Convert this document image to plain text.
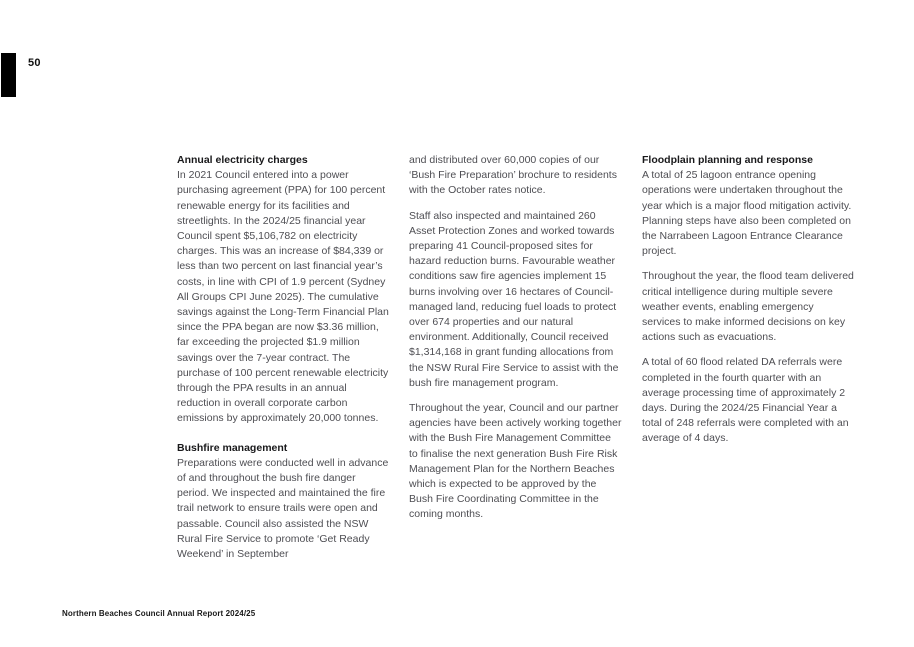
50
Annual electricity charges

In 2021 Council entered into a power purchasing agreement (PPA) for 100 percent renewable energy for its facilities and streetlights. In the 2024/25 financial year Council spent $5,106,782 on electricity charges. This was an increase of $84,339 or less than two percent on last financial year’s costs, in line with CPI of 1.9 percent (Sydney All Groups CPI June 2025). The cumulative savings against the Long-Term Financial Plan since the PPA began are now $3.36 million, far exceeding the projected $1.9 million savings over the 7-year contract. The purchase of 100 percent renewable electricity through the PPA results in an annual reduction in overall corporate carbon emissions by approximately 20,000 tonnes.

Bushfire management

Preparations were conducted well in advance of and throughout the bush fire danger period. We inspected and maintained the fire trail network to ensure trails were open and passable. Council also assisted the NSW Rural Fire Service to promote ‘Get Ready Weekend’ in September

and distributed over 60,000 copies of our ‘Bush Fire Preparation’ brochure to residents with the October rates notice.

Staff also inspected and maintained 260 Asset Protection Zones and worked towards preparing 41 Council-proposed sites for hazard reduction burns. Favourable weather conditions saw fire agencies implement 15 burns involving over 16 hectares of Council-managed land, reducing fuel loads to protect over 674 properties and our natural environment. Additionally, Council received $1,314,168 in grant funding allocations from the NSW Rural Fire Service to assist with the bush fire management program.

Throughout the year, Council and our partner agencies have been actively working together with the Bush Fire Management Committee to finalise the next generation Bush Fire Risk Management Plan for the Northern Beaches which is expected to be approved by the Bush Fire Coordinating Committee in the coming months.

Floodplain planning and response

A total of 25 lagoon entrance opening operations were undertaken throughout the year which is a major flood mitigation activity. Planning steps have also been completed on the Narrabeen Lagoon Entrance Clearance project.

Throughout the year, the flood team delivered critical intelligence during multiple severe weather events, enabling emergency services to make informed decisions on key actions such as evacuations.

A total of 60 flood related DA referrals were completed in the fourth quarter with an average processing time of approximately 2 days. During the 2024/25 Financial Year a total of 248 referrals were completed with an average of 4 days.

Northern Beaches Council Annual Report 2024/25
